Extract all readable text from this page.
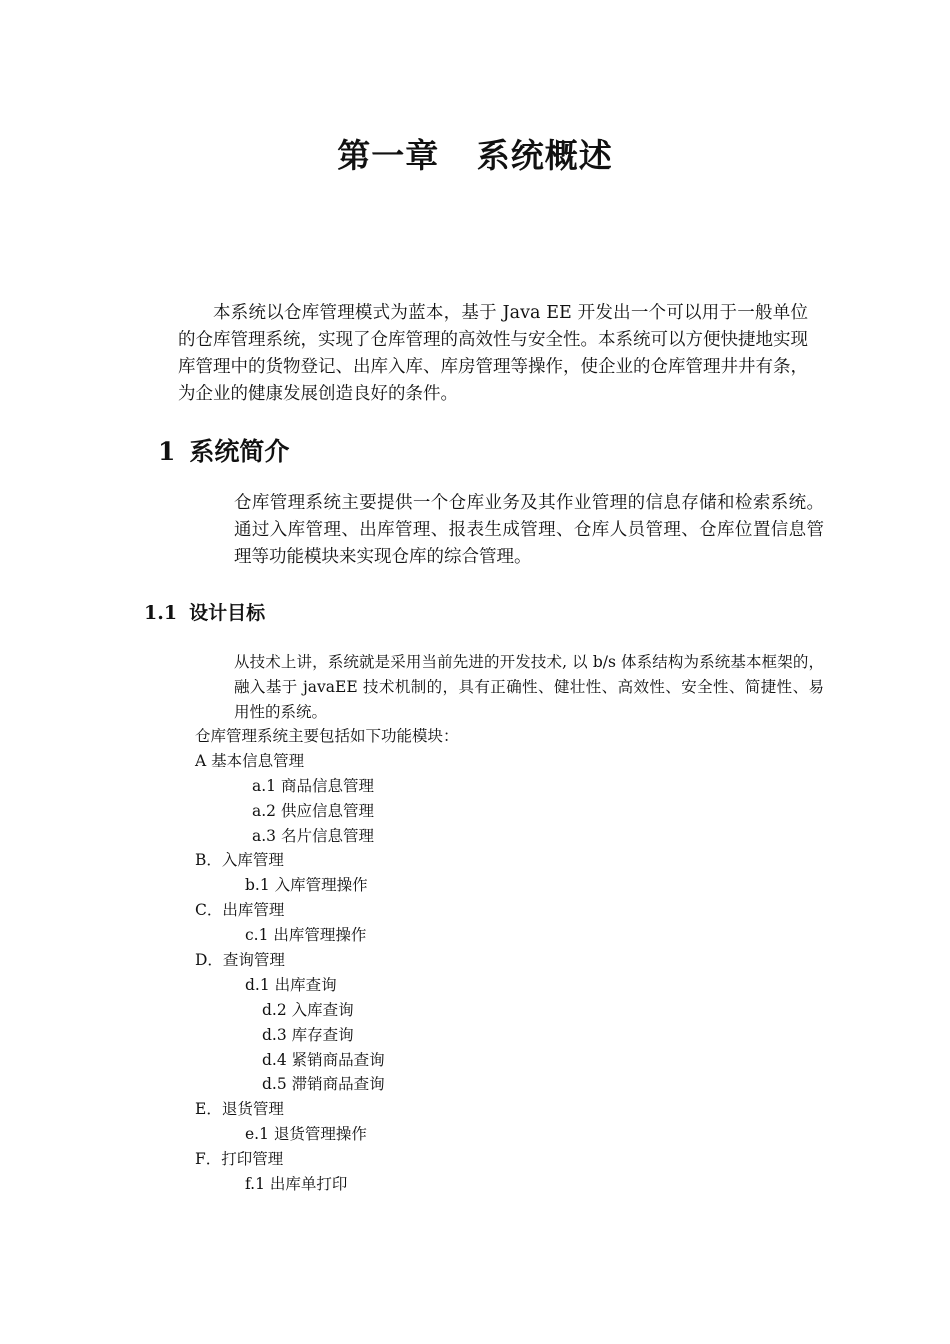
第一章   系统概述

本系统以仓库管理模式为蓝本，基于 Java EE 开发出一个可以用于一般单位的仓库管理系统，实现了仓库管理的高效性与安全性。本系统可以方便快捷地实现库管理中的货物登记、出库入库、库房管理等操作，使企业的仓库管理井井有条，为企业的健康发展创造良好的条件。

1 系统简介

仓库管理系统主要提供一个仓库业务及其作业管理的信息存储和检索系统。通过入库管理、出库管理、报表生成管理、仓库人员管理、仓库位置信息管理等功能模块来实现仓库的综合管理。

1.1 设计目标

从技术上讲，系统就是采用当前先进的开发技术, 以 b/s 体系结构为系统基本框架的，融入基于 javaEE 技术机制的，具有正确性、健壮性、高效性、安全性、简捷性、易用性的系统。

仓库管理系统主要包括如下功能模块：
A 基本信息管理
a.1 商品信息管理
a.2 供应信息管理
a.3 名片信息管理
B．入库管理
b.1 入库管理操作
C．出库管理
c.1 出库管理操作
D．查询管理
d.1 出库查询
d.2 入库查询
d.3 库存查询
d.4 紧销商品查询
d.5 滞销商品查询
E．退货管理
e.1 退货管理操作
F．打印管理
f.1 出库单打印
